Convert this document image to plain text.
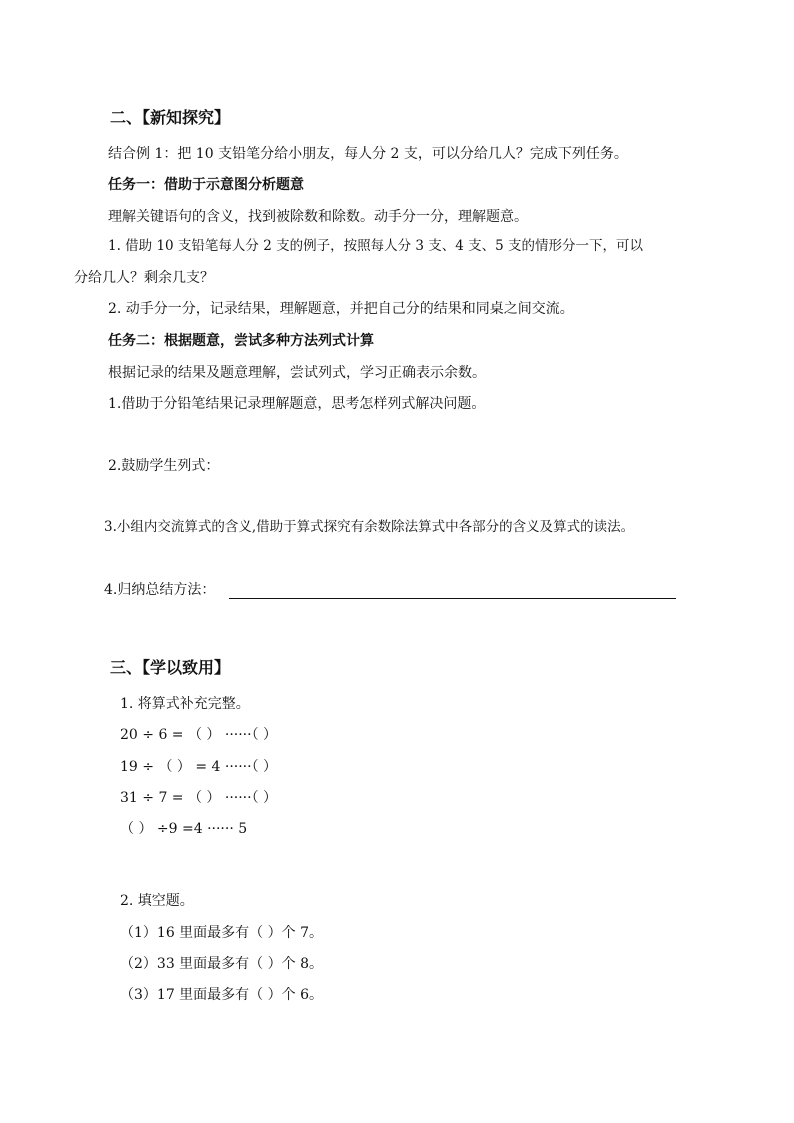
二、【新知探究】
结合例 1：把 10 支铅笔分给小朋友，每人分 2 支，可以分给几人？完成下列任务。
任务一：借助于示意图分析题意
理解关键语句的含义，找到被除数和除数。动手分一分，理解题意。
1. 借助 10 支铅笔每人分 2 支的例子，按照每人分 3 支、4 支、5 支的情形分一下，可以
分给几人？剩余几支？
2. 动手分一分，记录结果，理解题意，并把自己分的结果和同桌之间交流。
任务二：根据题意，尝试多种方法列式计算
根据记录的结果及题意理解，尝试列式，学习正确表示余数。
1.借助于分铅笔结果记录理解题意，思考怎样列式解决问题。
2.鼓励学生列式：
3.小组内交流算式的含义,借助于算式探究有余数除法算式中各部分的含义及算式的读法。
4.归纳总结方法：
三、【学以致用】
1. 将算式补充完整。
20 ÷ 6 = （ ） ······（ ）
19 ÷ （ ） = 4 ······（ ）
31 ÷ 7 = （ ） ······（ ）
（ ） ÷9 =4 ······ 5
2. 填空题。
（1）16 里面最多有（ ）个 7。
（2）33 里面最多有（ ）个 8。
（3）17 里面最多有（ ）个 6。
